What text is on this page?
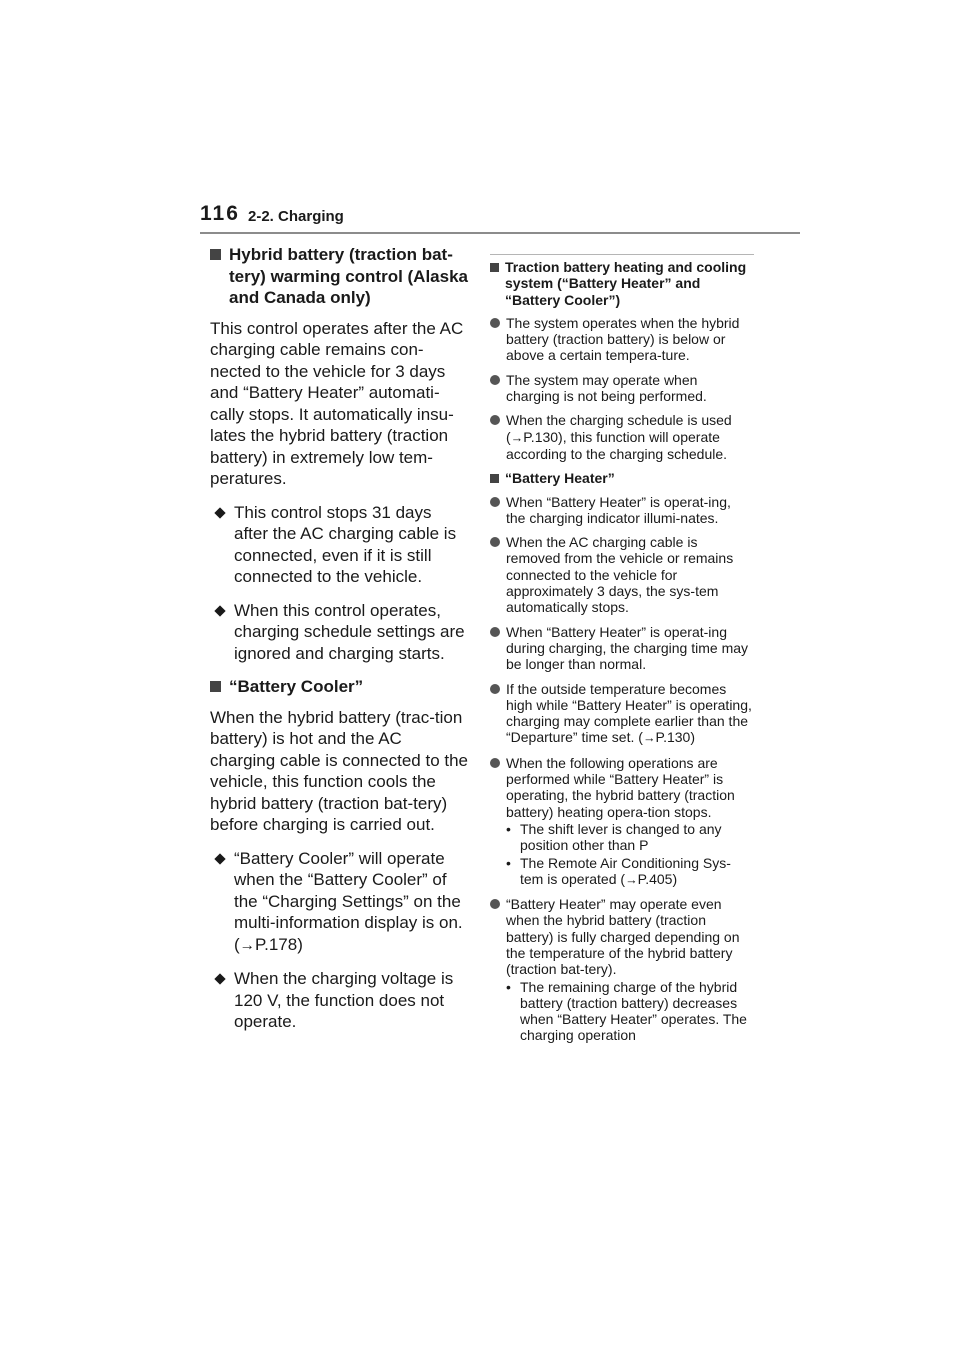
116 2-2. Charging
Hybrid battery (traction bat-tery) warming control (Alaska and Canada only)
This control operates after the AC charging cable remains con-nected to the vehicle for 3 days and “Battery Heater” automati-cally stops. It automatically insu-lates the hybrid battery (traction battery) in extremely low tem-peratures.
This control stops 31 days after the AC charging cable is connected, even if it is still connected to the vehicle.
When this control operates, charging schedule settings are ignored and charging starts.
“Battery Cooler”
When the hybrid battery (trac-tion battery) is hot and the AC charging cable is connected to the vehicle, this function cools the hybrid battery (traction bat-tery) before charging is carried out.
“Battery Cooler” will operate when the “Battery Cooler” of the “Charging Settings” on the multi-information display is on. (→P.178)
When the charging voltage is 120 V, the function does not operate.
Traction battery heating and cooling system (“Battery Heater” and “Battery Cooler”)
The system operates when the hybrid battery (traction battery) is below or above a certain tempera-ture.
The system may operate when charging is not being performed.
When the charging schedule is used (→P.130), this function will operate according to the charging schedule.
“Battery Heater”
When “Battery Heater” is operat-ing, the charging indicator illumi-nates.
When the AC charging cable is removed from the vehicle or remains connected to the vehicle for approximately 3 days, the sys-tem automatically stops.
When “Battery Heater” is operat-ing during charging, the charging time may be longer than normal.
If the outside temperature becomes high while “Battery Heater” is operating, charging may complete earlier than the “Departure” time set. (→P.130)
When the following operations are performed while “Battery Heater” is operating, the hybrid battery (traction battery) heating opera-tion stops.
• The shift lever is changed to any position other than P
• The Remote Air Conditioning Sys-tem is operated (→P.405)
“Battery Heater” may operate even when the hybrid battery (traction battery) is fully charged depending on the temperature of the hybrid battery (traction bat-tery).
• The remaining charge of the hybrid battery (traction battery) decreases when “Battery Heater” operates. The charging operation
